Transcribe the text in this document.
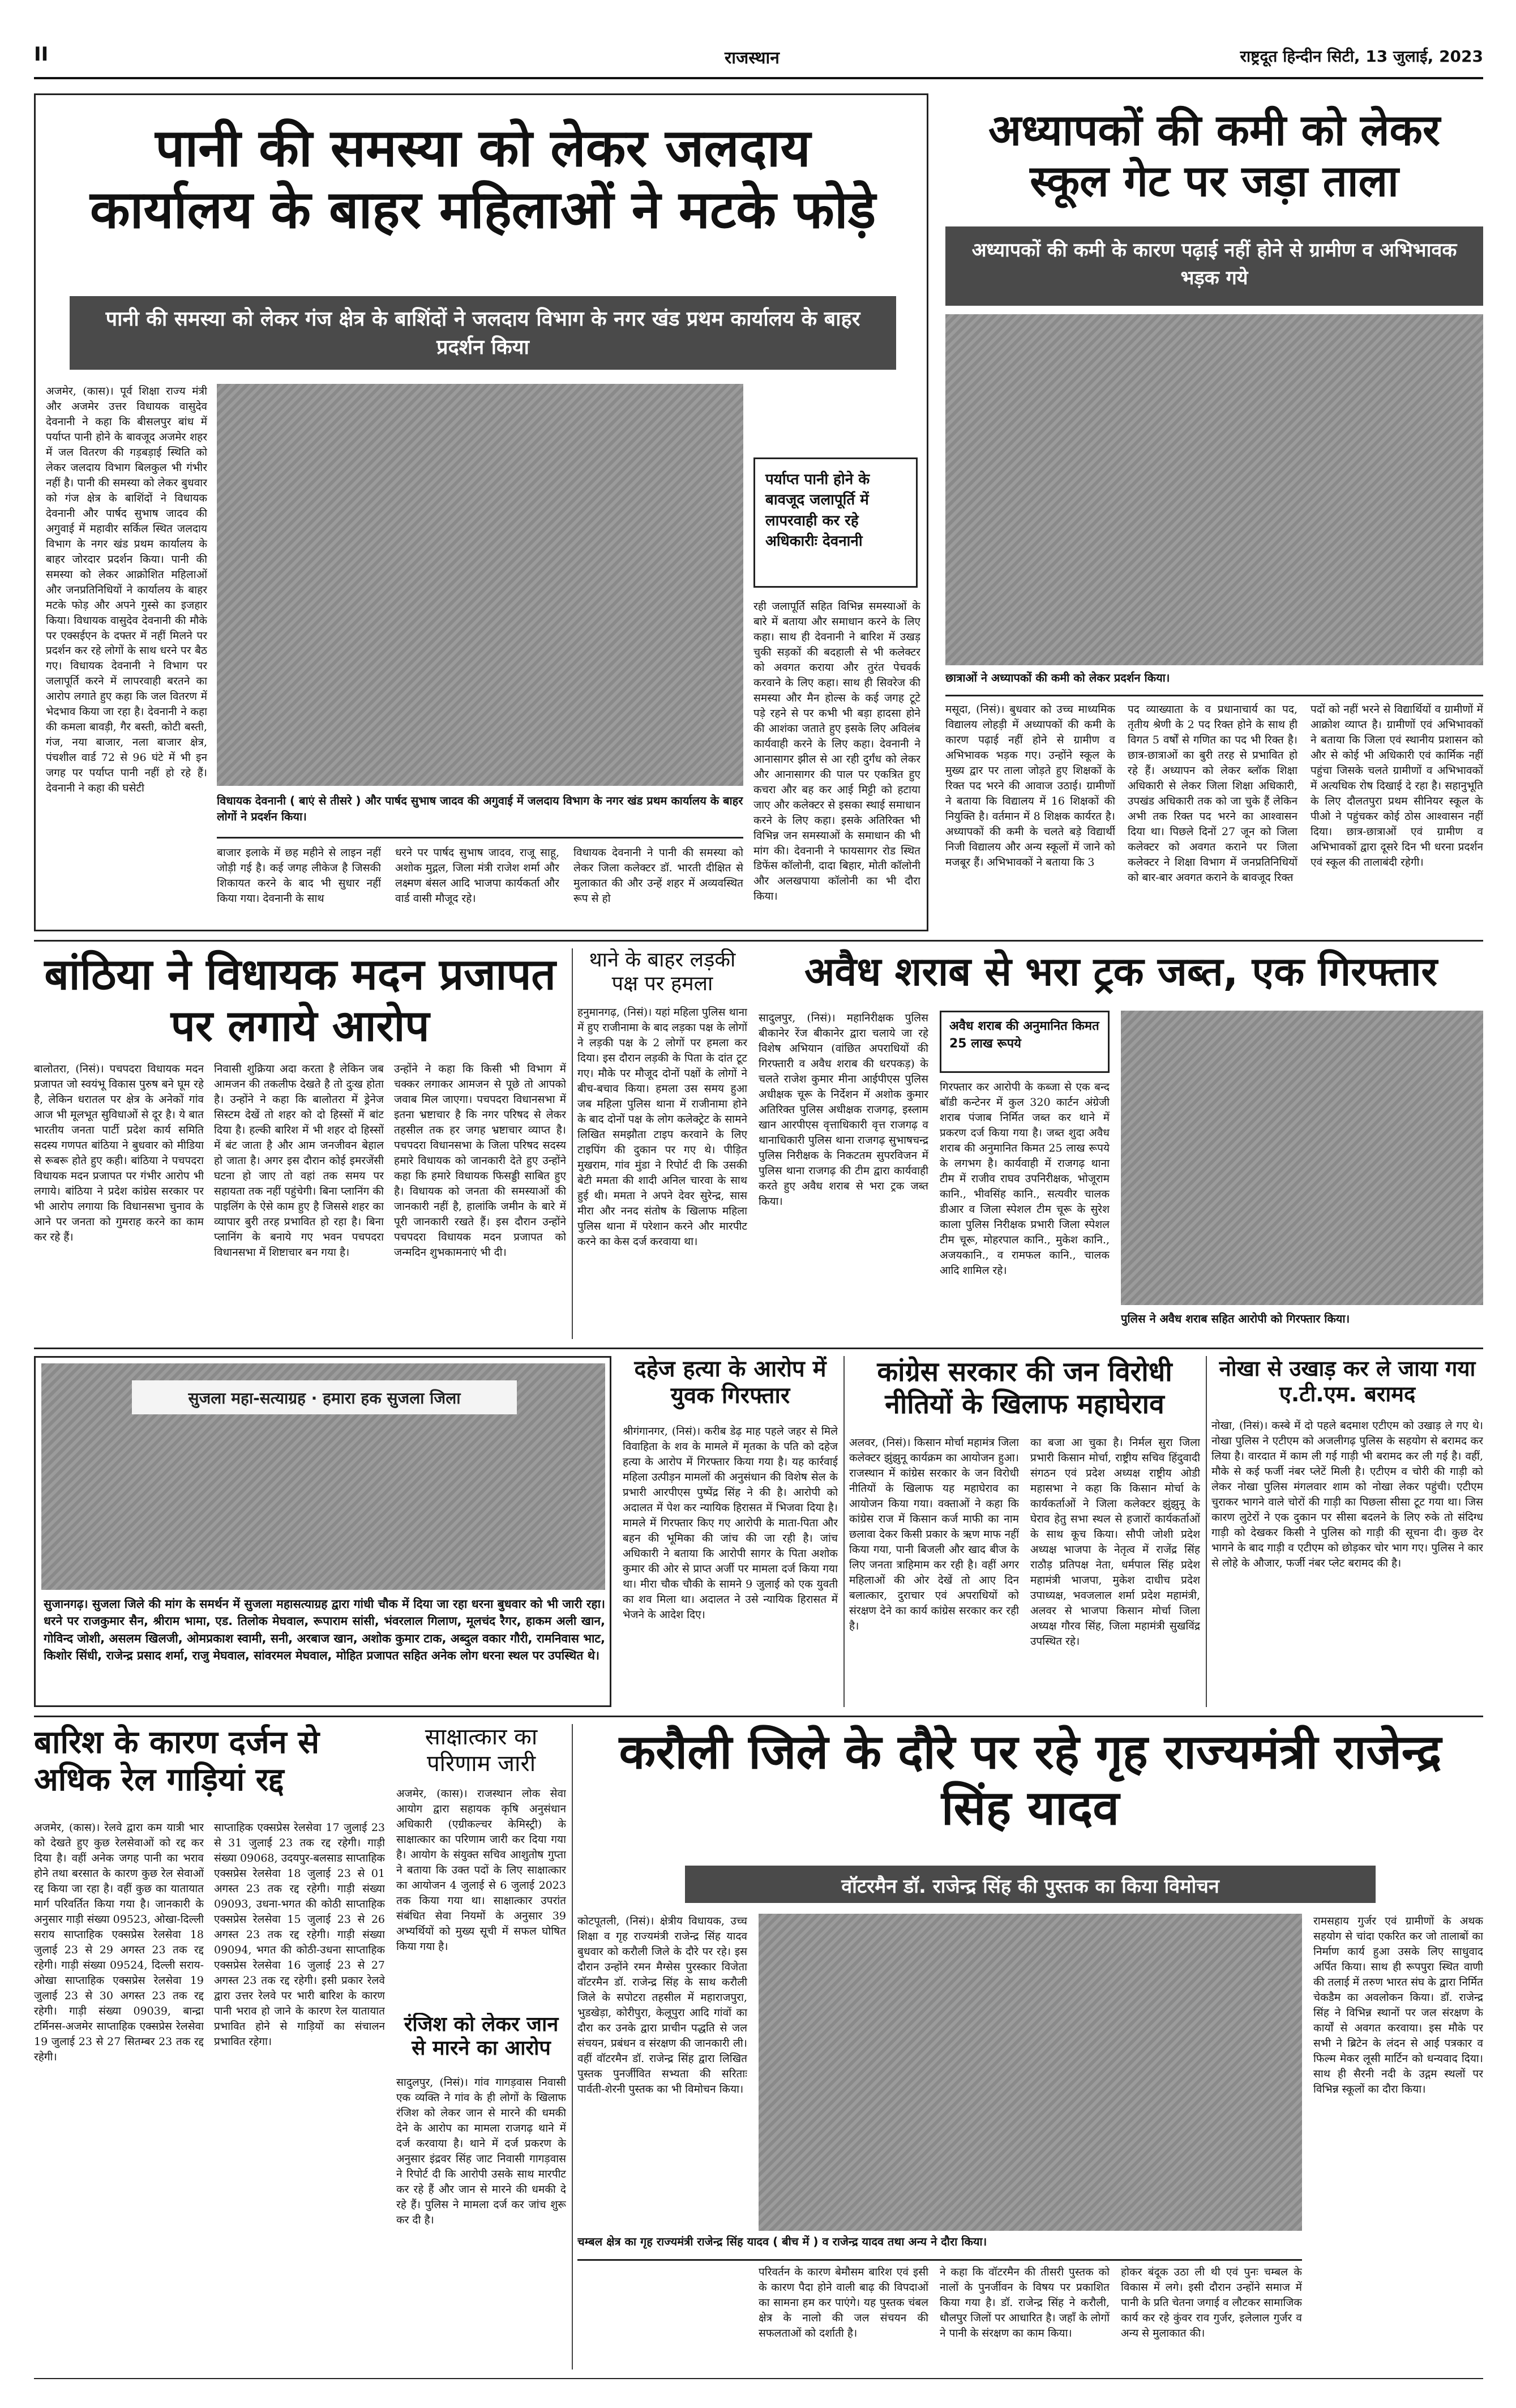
II	राजस्थान	राष्ट्रदूत हिन्दीन सिटी, 13 जुलाई, 2023
पानी की समस्या को लेकर जलदाय कार्यालय के बाहर महिलाओं ने मटके फोड़े
पानी की समस्या को लेकर गंज क्षेत्र के बाशिंदों ने जलदाय विभाग के नगर खंड प्रथम कार्यालय के बाहर प्रदर्शन किया
अजमेर, (कास)। पूर्व शिक्षा राज्य मंत्री और अजमेर उत्तर विधायक वासुदेव देवनानी ने कहा कि बीसलपुर बांध में पर्याप्त पानी होने के बावजूद अजमेर शहर में जल वितरण की गड़बड़ाई स्थिति को लेकर जलदाय विभाग बिलकुल भी गंभीर नहीं है। पानी की समस्या को लेकर बुधवार को गंज क्षेत्र के बाशिंदों ने विधायक देवनानी और पार्षद सुभाष जादव की अगुवाई में महावीर सर्किल स्थित जलदाय विभाग के नगर खंड प्रथम कार्यालय के बाहर जोरदार प्रदर्शन किया। पानी की समस्या को लेकर आक्रोशित महिलाओं और जनप्रतिनिधियों ने कार्यालय के बाहर मटके फोड़ और अपने गुस्से का इजहार किया। विधायक वासुदेव देवनानी की मौके पर एक्सईएन के दफ्तर में नहीं मिलने पर प्रदर्शन कर रहे लोगों के साथ धरने पर बैठ गए। विधायक देवनानी ने विभाग पर जलापूर्ति करने में लापरवाही बरतने का आरोप लगाते हुए कहा कि जल वितरण में भेदभाव किया जा रहा है। देवनानी ने कहा की कमला बावड़ी, गैर बस्ती, कोटी बस्ती, गंज, नया बाजार, नला बाजार क्षेत्र, पंचशील वार्ड 72 से 96 घंटे में भी इन जगह पर पर्याप्त पानी नहीं हो रहे हैं। देवनानी ने कहा की घसेटी
विधायक देवनानी ( बाएं से तीसरे ) और पार्षद सुभाष जादव की अगुवाई में जलदाय विभाग के नगर खंड प्रथम कार्यालय के बाहर लोगों ने प्रदर्शन किया।
बाजार इलाके में छह महीने से लाइन नहीं जोड़ी गई है। कई जगह लीकेज है जिसकी शिकायत करने के बाद भी सुधार नहीं किया गया। देवनानी के साथ
धरने पर पार्षद सुभाष जादव, राजू साहू, अशोक मुद्गल, जिला मंत्री राजेश शर्मा और लक्ष्मण बंसल आदि भाजपा कार्यकर्ता और वार्ड वासी मौजूद रहे।
विधायक देवनानी ने पानी की समस्या को लेकर जिला कलेक्टर डॉ. भारती दीक्षित से मुलाकात की और उन्हें शहर में अव्यवस्थित रूप से हो
पर्याप्त पानी होने के बावजूद जलापूर्ति में लापरवाही कर रहे अधिकारीः देवनानी
रही जलापूर्ति सहित विभिन्न समस्याओं के बारे में बताया और समाधान करने के लिए कहा। साथ ही देवनानी ने बारिश में उखड़ चुकी सड़कों की बदहाली से भी कलेक्टर को अवगत कराया और तुरंत पेचवर्क करवाने के लिए कहा। साथ ही सिवरेज की समस्या और मैन होल्स के कई जगह टूटे पड़े रहने से पर कभी भी बड़ा हादसा होने की आशंका जताते हुए इसके लिए अविलंब कार्यवाही करने के लिए कहा। देवनानी ने आनासागर झील से आ रही दुर्गंध को लेकर और आनासागर की पाल पर एकत्रित हुए कचरा और बह कर आई मिट्टी को हटाया जाए और कलेक्टर से इसका स्थाई समाधान करने के लिए कहा। इसके अतिरिक्त भी विभिन्न जन समस्याओं के समाधान की भी मांग की। देवनानी ने फायसागर रोड स्थित डिफेंस कॉलोनी, दादा बिहार, मोती कॉलोनी और अलखपाया कॉलोनी का भी दौरा किया।
अध्यापकों की कमी को लेकर स्कूल गेट पर जड़ा ताला
अध्यापकों की कमी के कारण पढ़ाई नहीं होने से ग्रामीण व अभिभावक भड़क गये
छात्राओं ने अध्यापकों की कमी को लेकर प्रदर्शन किया।
मसूदा, (निसं)। बुधवार को उच्च माध्यमिक विद्यालय लोहड़ी में अध्यापकों की कमी के कारण पढ़ाई नहीं होने से ग्रामीण व अभिभावक भड़क गए। उन्होंने स्कूल के मुख्य द्वार पर ताला जोड़ते हुए शिक्षकों के रिक्त पद भरने की आवाज उठाई। ग्रामीणों ने बताया कि विद्यालय में 16 शिक्षकों की नियुक्ति है। वर्तमान में 8 शिक्षक कार्यरत है। अध्यापकों की कमी के चलते बड़े विद्यार्थी निजी विद्यालय और अन्य स्कूलों में जाने को मजबूर हैं। अभिभावकों ने बताया कि 3
पद व्याख्याता के व प्रधानाचार्य का पद, तृतीय श्रेणी के 2 पद रिक्त होने के साथ ही विगत 5 वर्षों से गणित का पद भी रिक्त है। छात्र-छात्राओं का बुरी तरह से प्रभावित हो रहे हैं। अध्यापन को लेकर ब्लॉक शिक्षा अधिकारी से लेकर जिला शिक्षा अधिकारी, उपखंड अधिकारी तक को जा चुके हैं लेकिन अभी तक रिक्त पद भरने का आश्वासन दिया था। पिछले दिनों 27 जून को जिला कलेक्टर को अवगत कराने पर जिला कलेक्टर ने शिक्षा विभाग में जनप्रतिनिधियों को बार-बार अवगत कराने के बावजूद रिक्त
पदों को नहीं भरने से विद्यार्थियों व ग्रामीणों में आक्रोश व्याप्त है। ग्रामीणों एवं अभिभावकों ने बताया कि जिला एवं स्थानीय प्रशासन को और से कोई भी अधिकारी एवं कार्मिक नहीं पहुंचा जिसके चलते ग्रामीणों व अभिभावकों में अत्यधिक रोष दिखाई दे रहा है। सहानुभूति के लिए दौलतपुरा प्रथम सीनियर स्कूल के पीओ ने पहुंचकर कोई ठोस आश्वासन नहीं दिया। छात्र-छात्राओं एवं ग्रामीण व अभिभावकों द्वारा दूसरे दिन भी धरना प्रदर्शन एवं स्कूल की तालाबंदी रहेगी।
बांठिया ने विधायक मदन प्रजापत पर लगाये आरोप
बालोतरा, (निसं)। पचपदरा विधायक मदन प्रजापत जो स्वयंभू विकास पुरुष बने घूम रहे है, लेकिन धरातल पर क्षेत्र के अनेकों गांव आज भी मूलभूत सुविधाओं से दूर है। ये बात भारतीय जनता पार्टी प्रदेश कार्य समिति सदस्य गणपत बांठिया ने बुधवार को मीडिया से रूबरू होते हुए कही। बांठिया ने पचपदरा विधायक मदन प्रजापत पर गंभीर आरोप भी लगाये। बांठिया ने प्रदेश कांग्रेस सरकार पर भी आरोप लगाया कि विधानसभा चुनाव के आने पर जनता को गुमराह करने का काम कर रहे हैं।
निवासी शुक्रिया अदा करता है लेकिन जब आमजन की तकलीफ देखते है तो दुःख होता है। उन्होंने ने कहा कि बालोतरा में ड्रेनेज सिस्टम देखें तो शहर को दो हिस्सों में बांट दिया है। हल्की बारिश में भी शहर दो हिस्सों में बंट जाता है और आम जनजीवन बेहाल हो जाता है। अगर इस दौरान कोई इमरजेंसी घटना हो जाए तो वहां तक समय पर सहायता तक नहीं पहुंचेगी। बिना प्लानिंग की पाइलिंग के ऐसे काम हुए है जिससे शहर का व्यापार बुरी तरह प्रभावित हो रहा है। बिना प्लानिंग के बनाये गए भवन पचपदरा विधानसभा में शिष्टाचार बन गया है।
उन्होंने ने कहा कि किसी भी विभाग में चक्कर लगाकर आमजन से पूछे तो आपको जवाब मिल जाएगा। पचपदरा विधानसभा में इतना भ्रष्टाचार है कि नगर परिषद से लेकर तहसील तक हर जगह भ्रष्टाचार व्याप्त है। पचपदरा विधानसभा के जिला परिषद सदस्य हमारे विधायक को जानकारी देते हुए उन्होंने कहा कि हमारे विधायक फिसड्डी साबित हुए है। विधायक को जनता की समस्याओं की जानकारी नहीं है, हालांकि जमीन के बारे में पूरी जानकारी रखते हैं। इस दौरान उन्होंने पचपदरा विधायक मदन प्रजापत को जन्मदिन शुभकामनाएं भी दी।
थाने के बाहर लड़की पक्ष पर हमला
हनुमानगढ़, (निसं)। यहां महिला पुलिस थाना में हुए राजीनामा के बाद लड़का पक्ष के लोगों ने लड़की पक्ष के 2 लोगों पर हमला कर दिया। इस दौरान लड़की के पिता के दांत टूट गए। मौके पर मौजूद दोनों पक्षों के लोगों ने बीच-बचाव किया। हमला उस समय हुआ जब महिला पुलिस थाना में राजीनामा होने के बाद दोनों पक्ष के लोग कलेक्ट्रेट के सामने लिखित समझौता टाइप करवाने के लिए टाइपिंग की दुकान पर गए थे। पीड़ित मुखराम, गांव मुंडा ने रिपोर्ट दी कि उसकी बेटी ममता की शादी अनिल चारवा के साथ हुई थी। ममता ने अपने देवर सुरेन्द्र, सास मीरा और ननद संतोष के खिलाफ महिला पुलिस थाना में परेशान करने और मारपीट करने का केस दर्ज करवाया था।
अवैध शराब से भरा ट्रक जब्त, एक गिरफ्तार
सादुलपुर, (निसं)। महानिरीक्षक पुलिस बीकानेर रेंज बीकानेर द्वारा चलाये जा रहे विशेष अभियान (वांछित अपराधियों की गिरफ्तारी व अवैध शराब की धरपकड़) के चलते राजेश कुमार मीना आईपीएस पुलिस अधीक्षक चूरू के निर्देशन में अशोक कुमार अतिरिक्त पुलिस अधीक्षक राजगढ़, इस्लाम खान आरपीएस वृत्ताधिकारी वृत्त राजगढ़ व थानाधिकारी पुलिस थाना राजगढ़ सुभाषचन्द्र पुलिस निरीक्षक के निकटतम सुपरविजन में पुलिस थाना राजगढ़ की टीम द्वारा कार्यवाही करते हुए अवैध शराब से भरा ट्रक जब्त किया।
अवैध शराब की अनुमानित किमत 25 लाख रूपये
गिरफ्तार कर आरोपी के कब्जा से एक बन्द बॉडी कन्टेनर में कुल 320 कार्टन अंग्रेजी शराब पंजाब निर्मित जब्त कर थाने में प्रकरण दर्ज किया गया है। जब्त शुदा अवैध शराब की अनुमानित किमत 25 लाख रूपये के लगभग है। कार्यवाही में राजगढ़ थाना टीम में राजीव राघव उपनिरीक्षक, भोजूराम कानि., भीवसिंह कानि., सत्यवीर चालक डीआर व जिला स्पेशल टीम चूरू के सुरेश काला पुलिस निरीक्षक प्रभारी जिला स्पेशल टीम चूरू, मोहरपाल कानि., मुकेश कानि., अजयकानि., व रामफल कानि., चालक आदि शामिल रहे।
पुलिस ने अवैध शराब सहित आरोपी को गिरफ्तार किया।
सुजला महा-सत्याग्रह · हमारा हक सुजला जिला
सुजानगढ़। सुजला जिले की मांग के समर्थन में सुजला महासत्याग्रह द्वारा गांधी चौक में दिया जा रहा धरना बुधवार को भी जारी रहा। धरने पर राजकुमार सैन, श्रीराम भामा, एड. तिलोक मेघवाल, रूपाराम सांसी, भंवरलाल गिलाण, मूलचंद रैगर, हाकम अली खान, गोविन्द जोशी, असलम खिलजी, ओमप्रकाश स्वामी, सनी, अरबाज खान, अशोक कुमार टाक, अब्दुल वकार गौरी, रामनिवास भाट, किशोर सिंधी, राजेन्द्र प्रसाद शर्मा, राजु मेघवाल, सांवरमल मेघवाल, मोहित प्रजापत सहित अनेक लोग धरना स्थल पर उपस्थित थे।
दहेज हत्या के आरोप में युवक गिरफ्तार
श्रीगंगानगर, (निसं)। करीब डेढ़ माह पहले जहर से मिले विवाहिता के शव के मामले में मृतका के पति को दहेज हत्या के आरोप में गिरफ्तार किया गया है। यह कार्रवाई महिला उत्पीड़न मामलों की अनुसंधान की विशेष सेल के प्रभारी आरपीएस पुष्पेंद्र सिंह ने की है। आरोपी को अदालत में पेश कर न्यायिक हिरासत में भिजवा दिया है। मामले में गिरफ्तार किए गए आरोपी के माता-पिता और बहन की भूमिका की जांच की जा रही है। जांच अधिकारी ने बताया कि आरोपी सागर के पिता अशोक कुमार की ओर से प्राप्त अर्जी पर मामला दर्ज किया गया था। मीरा चौक चौकी के सामने 9 जुलाई को एक युवती का शव मिला था। अदालत ने उसे न्यायिक हिरासत में भेजने के आदेश दिए।
कांग्रेस सरकार की जन विरोधी नीतियों के खिलाफ महाघेराव
अलवर, (निसं)। किसान मोर्चा महामंत्र जिला कलेक्टर झुंझुनू कार्यक्रम का आयोजन हुआ। राजस्थान में कांग्रेस सरकार के जन विरोधी नीतियों के खिलाफ यह महाघेराव का आयोजन किया गया। वक्ताओं ने कहा कि कांग्रेस राज में किसान कर्ज माफी का नाम छलावा देकर किसी प्रकार के ऋण माफ नहीं किया गया, पानी बिजली और खाद बीज के लिए जनता त्राहिमाम कर रही है। वहीं अगर महिलाओं की ओर देखें तो आए दिन बलात्कार, दुराचार एवं अपराधियों को संरक्षण देने का कार्य कांग्रेस सरकार कर रही है।
का बजा आ चुका है। निर्मल सुरा जिला प्रभारी किसान मोर्चा, राष्ट्रीय सचिव हिंदुवादी संगठन एवं प्रदेश अध्यक्ष राष्ट्रीय ओडी महासभा ने कहा कि किसान मोर्चा के कार्यकर्ताओं ने जिला कलेक्टर झुंझुनू के घेराव हेतु सभा स्थल से हजारों कार्यकर्ताओं के साथ कूच किया। सौपी जोशी प्रदेश अध्यक्ष भाजपा के नेतृत्व में राजेंद्र सिंह राठौड़ प्रतिपक्ष नेता, धर्मपाल सिंह प्रदेश महामंत्री भाजपा, मुकेश दाधीच प्रदेश उपाध्यक्ष, भवजलाल शर्मा प्रदेश महामंत्री, अलवर से भाजपा किसान मोर्चा जिला अध्यक्ष गौरव सिंह, जिला महामंत्री सुखविंद्र उपस्थित रहे।
नोखा से उखाड़ कर ले जाया गया ए.टी.एम. बरामद
नोखा, (निसं)। कस्बे में दो पहले बदमाश एटीएम को उखाड़ ले गए थे। नोखा पुलिस ने एटीएम को अजलीगढ़ पुलिस के सहयोग से बरामद कर लिया है। वारदात में काम ली गई गाड़ी भी बरामद कर ली गई है। वहीं, मौके से कई फर्जी नंबर प्लेटें मिली है। एटीएम व चोरी की गाड़ी को लेकर नोखा पुलिस मंगलवार शाम को नोखा लेकर पहुंची। एटीएम चुराकर भागने वाले चोरों की गाड़ी का पिछला सीसा टूट गया था। जिस कारण लुटेरों ने एक दुकान पर सीसा बदलने के लिए रुके तो संदिग्ध गाड़ी को देखकर किसी ने पुलिस को गाड़ी की सूचना दी। कुछ देर भागने के बाद गाड़ी व एटीएम को छोड़कर चोर भाग गए। पुलिस ने कार से लोहे के औजार, फर्जी नंबर प्लेट बरामद की है।
बारिश के कारण दर्जन से अधिक रेल गाड़ियां रद्द
अजमेर, (कास)। रेलवे द्वारा कम यात्री भार को देखते हुए कुछ रेलसेवाओं को रद्द कर दिया है। वहीं अनेक जगह पानी का भराव होने तथा बरसात के कारण कुछ रेल सेवाओं रद्द किया जा रहा है। वहीं कुछ का यातायात मार्ग परिवर्तित किया गया है। जानकारी के अनुसार गाड़ी संख्या 09523, ओखा-दिल्ली सराय साप्ताहिक एक्सप्रेस रेलसेवा 18 जुलाई 23 से 29 अगस्त 23 तक रद्द रहेगी। गाड़ी संख्या 09524, दिल्ली सराय-ओखा साप्ताहिक एक्सप्रेस रेलसेवा 19 जुलाई 23 से 30 अगस्त 23 तक रद्द रहेगी। गाड़ी संख्या 09039, बान्द्रा टर्मिनस-अजमेर साप्ताहिक एक्सप्रेस रेलसेवा 19 जुलाई 23 से 27 सितम्बर 23 तक रद्द रहेगी।
साप्ताहिक एक्सप्रेस रेलसेवा 17 जुलाई 23 से 31 जुलाई 23 तक रद्द रहेगी। गाड़ी संख्या 09068, उदयपुर-बलसाड साप्ताहिक एक्सप्रेस रेलसेवा 18 जुलाई 23 से 01 अगस्त 23 तक रद्द रहेगी। गाड़ी संख्या 09093, उधना-भगत की कोठी साप्ताहिक एक्सप्रेस रेलसेवा 15 जुलाई 23 से 26 अगस्त 23 तक रद्द रहेगी। गाड़ी संख्या 09094, भगत की कोठी-उधना साप्ताहिक एक्सप्रेस रेलसेवा 16 जुलाई 23 से 27 अगस्त 23 तक रद्द रहेगी। इसी प्रकार रेलवे द्वारा उत्तर रेलवे पर भारी बारिश के कारण पानी भराव हो जाने के कारण रेल यातायात प्रभावित होने से गाड़ियों का संचालन प्रभावित रहेगा।
साक्षात्कार का परिणाम जारी
अजमेर, (कास)। राजस्थान लोक सेवा आयोग द्वारा सहायक कृषि अनुसंधान अधिकारी (एग्रीकल्चर केमिस्ट्री) के साक्षात्कार का परिणाम जारी कर दिया गया है। आयोग के संयुक्त सचिव आशुतोष गुप्ता ने बताया कि उक्त पदों के लिए साक्षात्कार का आयोजन 4 जुलाई से 6 जुलाई 2023 तक किया गया था। साक्षात्कार उपरांत संबंधित सेवा नियमों के अनुसार 39 अभ्यर्थियों को मुख्य सूची में सफल घोषित किया गया है।
रंजिश को लेकर जान से मारने का आरोप
सादुलपुर, (निसं)। गांव गागड़वास निवासी एक व्यक्ति ने गांव के ही लोगों के खिलाफ रंजिश को लेकर जान से मारने की धमकी देने के आरोप का मामला राजगढ़ थाने में दर्ज करवाया है। थाने में दर्ज प्रकरण के अनुसार इंद्रवर सिंह जाट निवासी गागड़वास ने रिपोर्ट दी कि आरोपी उसके साथ मारपीट कर रहे हैं और जान से मारने की धमकी दे रहे हैं। पुलिस ने मामला दर्ज कर जांच शुरू कर दी है।
करौली जिले के दौरे पर रहे गृह राज्यमंत्री राजेन्द्र सिंह यादव
वॉटरमैन डॉ. राजेन्द्र सिंह की पुस्तक का किया विमोचन
कोटपूतली, (निसं)। क्षेत्रीय विधायक, उच्च शिक्षा व गृह राज्यमंत्री राजेन्द्र सिंह यादव बुधवार को करौली जिले के दौरे पर रहे। इस दौरान उन्होंने रमन मैग्सेस पुरस्कार विजेता वॉटरमैन डॉ. राजेन्द्र सिंह के साथ करौली जिले के सपोटरा तहसील में महाराजपुरा, भुडखेड़ा, कोरीपुरा, केलूपुरा आदि गांवों का दौरा कर उनके द्वारा प्राचीन पद्धति से जल संचयन, प्रबंधन व संरक्षण की जानकारी ली। वहीं वॉटरमैन डॉ. राजेन्द्र सिंह द्वारा लिखित पुस्तक पुनर्जीवित सभ्यता की सरिताः पार्वती-शेरनी पुस्तक का भी विमोचन किया।
चम्बल क्षेत्र का गृह राज्यमंत्री राजेन्द्र सिंह यादव ( बीच में ) व राजेन्द्र यादव तथा अन्य ने दौरा किया।
परिवर्तन के कारण बेमौसम बारिश एवं इसी के कारण पैदा होने वाली बाढ़ की विपदाओं का सामना हम कर पाएंगे। यह पुस्तक चंबल क्षेत्र के नालो की जल संचयन की सफलताओं को दर्शाती है।
ने कहा कि वॉटरमैन की तीसरी पुस्तक को नालों के पुनर्जीवन के विषय पर प्रकाशित किया गया है। डॉ. राजेन्द्र सिंह ने करौली, धौलपुर जिलों पर आधारित है। जहाँ के लोगों ने पानी के संरक्षण का काम किया।
होकर बंदूक उठा ली थी एवं पुनः चम्बल के विकास में लगे। इसी दौरान उन्होंने समाज में पानी के प्रति चेतना जगाई व लौटकर सामाजिक कार्य कर रहे कुंवर राव गुर्जर, इलेलाल गुर्जर व अन्य से मुलाकात की।
रामसहाय गुर्जर एवं ग्रामीणों के अथक सहयोग से चांदा एकरित कर जो तालाबों का निर्माण कार्य हुआ उसके लिए साधुवाद अर्पित किया। साथ ही रूपपुरा स्थित वाणी की तलाई में तरुण भारत संघ के द्वारा निर्मित चेकडैम का अवलोकन किया। डॉ. राजेन्द्र सिंह ने विभिन्न स्थानों पर जल संरक्षण के कार्यों से अवगत करवाया। इस मौके पर सभी ने ब्रिटेन के लंदन से आई पत्रकार व फिल्म मेकर लूसी मार्टिन को धन्यवाद दिया। साथ ही सैरनी नदी के उद्गम स्थलों पर विभिन्न स्कूलों का दौरा किया।
